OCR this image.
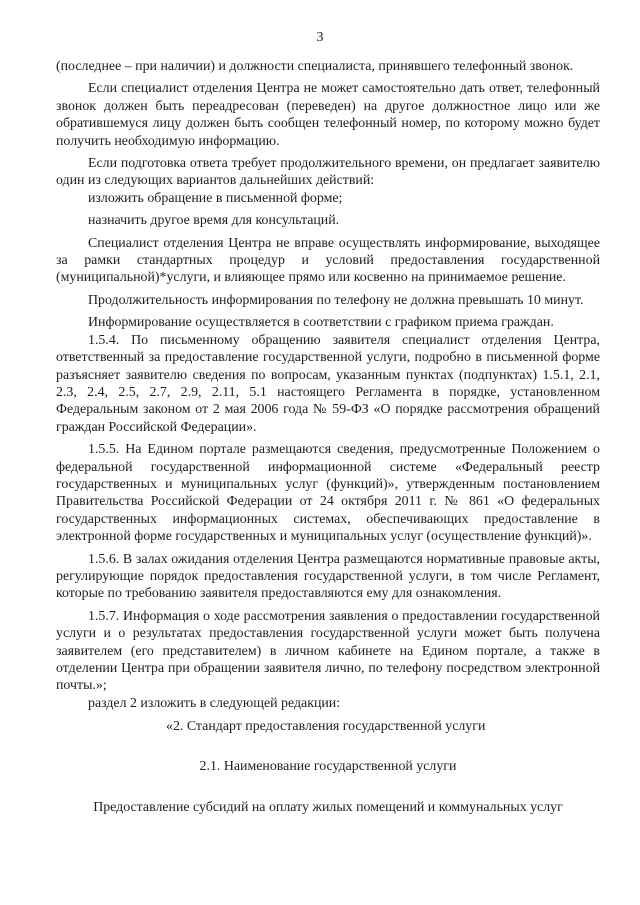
3

(последнее – при наличии) и должности специалиста, принявшего телефонный звонок.

Если специалист отделения Центра не может самостоятельно дать ответ, телефонный звонок должен быть переадресован (переведен) на другое должностное лицо или же обратившемуся лицу должен быть сообщен телефонный номер, по которому можно будет получить необходимую информацию.

Если подготовка ответа требует продолжительного времени, он предлагает заявителю один из следующих вариантов дальнейших действий:

изложить обращение в письменной форме;

назначить другое время для консультаций.

Специалист отделения Центра не вправе осуществлять информирование, выходящее за рамки стандартных процедур и условий предоставления государственной (муниципальной)*услуги, и влияющее прямо или косвенно на принимаемое решение.

Продолжительность информирования по телефону не должна превышать 10 минут.

Информирование осуществляется в соответствии с графиком приема граждан.

1.5.4. По письменному обращению заявителя специалист отделения Центра, ответственный за предоставление государственной услуги, подробно в письменной форме разъясняет заявителю сведения по вопросам, указанным пунктах (подпунктах) 1.5.1, 2.1, 2.3, 2.4, 2.5, 2.7, 2.9, 2.11, 5.1 настоящего Регламента в порядке, установленном Федеральным законом от 2 мая 2006 года № 59-ФЗ «О порядке рассмотрения обращений граждан Российской Федерации».

1.5.5. На Едином портале размещаются сведения, предусмотренные Положением о федеральной государственной информационной системе «Федеральный реестр государственных и муниципальных услуг (функций)», утвержденным постановлением Правительства Российской Федерации от 24 октября 2011 г. № 861 «О федеральных государственных информационных системах, обеспечивающих предоставление в электронной форме государственных и муниципальных услуг (осуществление функций)».

1.5.6. В залах ожидания отделения Центра размещаются нормативные правовые акты, регулирующие порядок предоставления государственной услуги, в том числе Регламент, которые по требованию заявителя предоставляются ему для ознакомления.

1.5.7. Информация о ходе рассмотрения заявления о предоставлении государственной услуги и о результатах предоставления государственной услуги может быть получена заявителем (его представителем) в личном кабинете на Едином портале, а также в отделении Центра при обращении заявителя лично, по телефону посредством электронной почты.»;

раздел 2 изложить в следующей редакции:

«2. Стандарт предоставления государственной услуги

2.1. Наименование государственной услуги

Предоставление субсидий на оплату жилых помещений и коммунальных услуг
